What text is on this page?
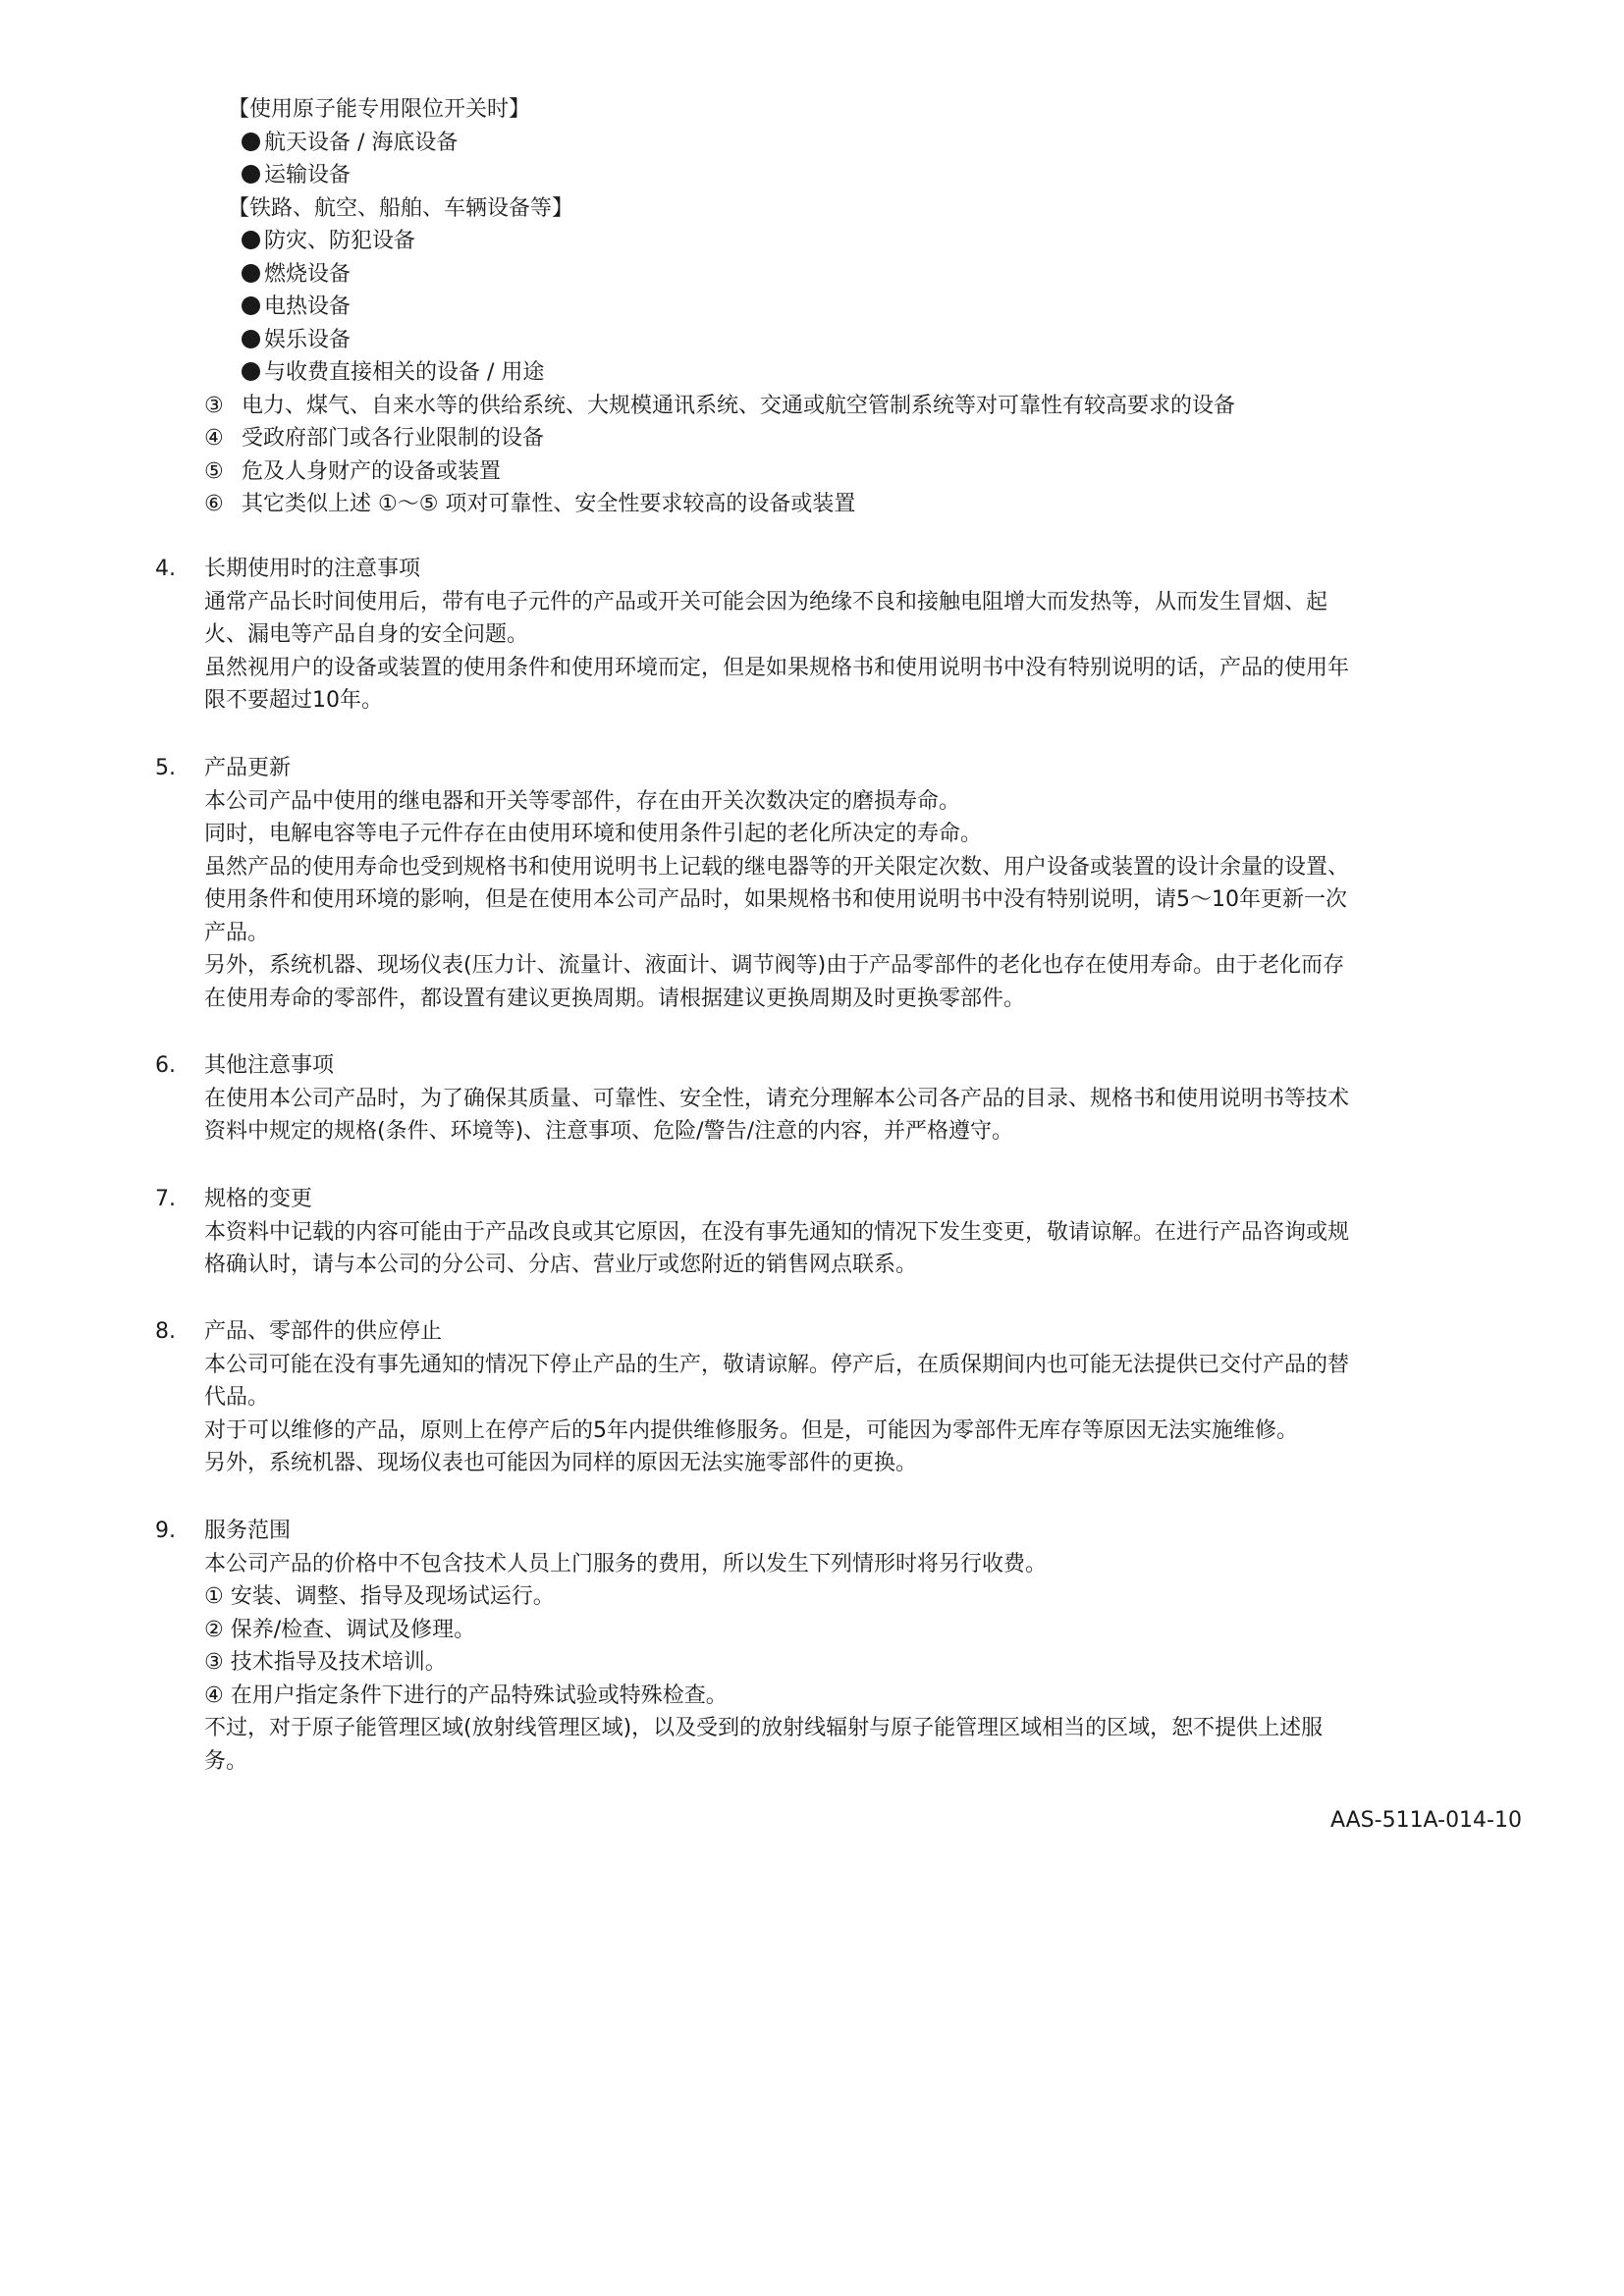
【使用原子能专用限位开关时】

航天设备 / 海底设备

运输设备

【铁路、航空、船舶、车辆设备等】

防灾、防犯设备

燃烧设备

电热设备

娱乐设备

与收费直接相关的设备 / 用途

③ 电力、煤气、自来水等的供给系统、大规模通讯系统、交通或航空管制系统等对可靠性有较高要求的设备

④ 受政府部门或各行业限制的设备

⑤ 危及人身财产的设备或装置

⑥ 其它类似上述 ①～⑤ 项对可靠性、安全性要求较高的设备或装置

4. 长期使用时的注意事项

通常产品长时间使用后，带有电子元件的产品或开关可能会因为绝缘不良和接触电阻增大而发热等，从而发生冒烟、起

火、漏电等产品自身的安全问题。

虽然视用户的设备或装置的使用条件和使用环境而定，但是如果规格书和使用说明书中没有特别说明的话，产品的使用年

限不要超过10年。

5. 产品更新

本公司产品中使用的继电器和开关等零部件，存在由开关次数决定的磨损寿命。

同时，电解电容等电子元件存在由使用环境和使用条件引起的老化所决定的寿命。

虽然产品的使用寿命也受到规格书和使用说明书上记载的继电器等的开关限定次数、用户设备或装置的设计余量的设置、

使用条件和使用环境的影响，但是在使用本公司产品时，如果规格书和使用说明书中没有特别说明，请5～10年更新一次

产品。

另外，系统机器、现场仪表(压力计、流量计、液面计、调节阀等)由于产品零部件的老化也存在使用寿命。由于老化而存

在使用寿命的零部件，都设置有建议更换周期。请根据建议更换周期及时更换零部件。

6. 其他注意事项

在使用本公司产品时，为了确保其质量、可靠性、安全性，请充分理解本公司各产品的目录、规格书和使用说明书等技术

资料中规定的规格(条件、环境等)、注意事项、危险/警告/注意的内容，并严格遵守。

7. 规格的变更

本资料中记载的内容可能由于产品改良或其它原因，在没有事先通知的情况下发生变更，敬请谅解。在进行产品咨询或规

格确认时，请与本公司的分公司、分店、营业厅或您附近的销售网点联系。

8. 产品、零部件的供应停止

本公司可能在没有事先通知的情况下停止产品的生产，敬请谅解。停产后，在质保期间内也可能无法提供已交付产品的替

代品。

对于可以维修的产品，原则上在停产后的5年内提供维修服务。但是，可能因为零部件无库存等原因无法实施维修。

另外，系统机器、现场仪表也可能因为同样的原因无法实施零部件的更换。

9. 服务范围

本公司产品的价格中不包含技术人员上门服务的费用，所以发生下列情形时将另行收费。

① 安装、调整、指导及现场试运行。

② 保养/检查、调试及修理。

③ 技术指导及技术培训。

④ 在用户指定条件下进行的产品特殊试验或特殊检查。

不过，对于原子能管理区域(放射线管理区域)，以及受到的放射线辐射与原子能管理区域相当的区域，恕不提供上述服

务。

AAS-511A-014-10
